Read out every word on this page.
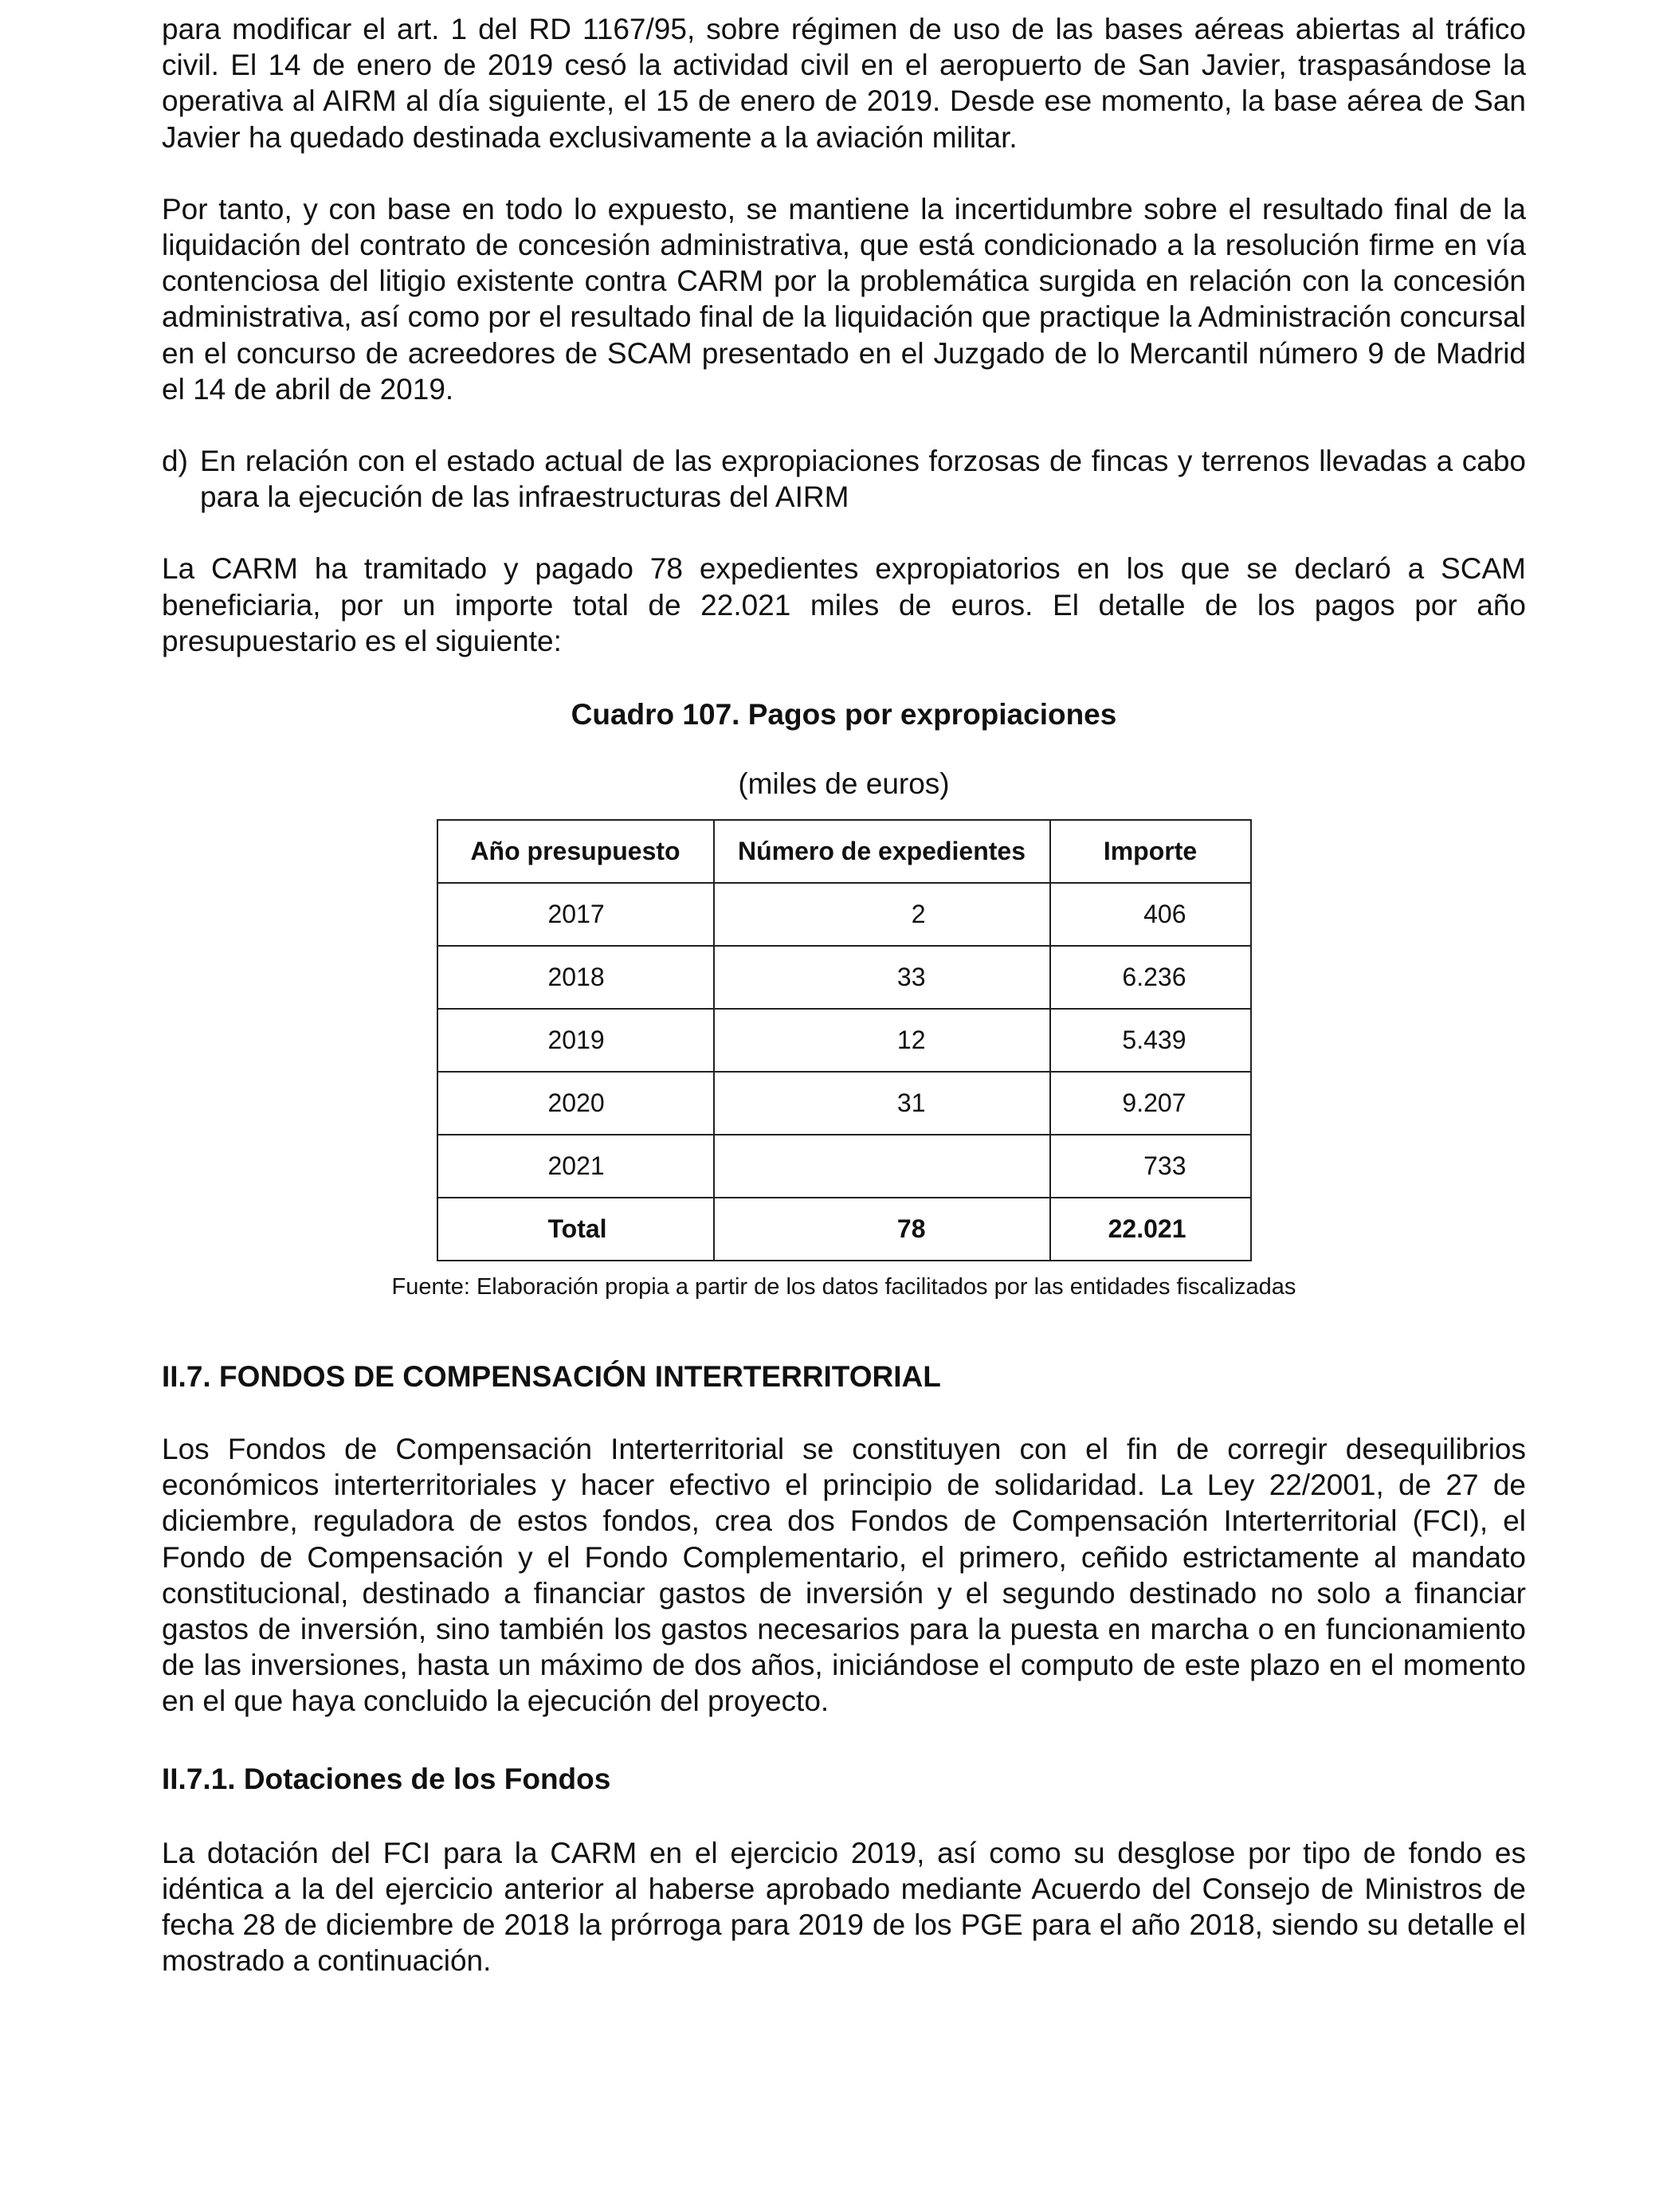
para modificar el art. 1 del RD 1167/95, sobre régimen de uso de las bases aéreas abiertas al tráfico civil. El 14 de enero de 2019 cesó la actividad civil en el aeropuerto de San Javier, traspasándose la operativa al AIRM al día siguiente, el 15 de enero de 2019. Desde ese momento, la base aérea de San Javier ha quedado destinada exclusivamente a la aviación militar.

Por tanto, y con base en todo lo expuesto, se mantiene la incertidumbre sobre el resultado final de la liquidación del contrato de concesión administrativa, que está condicionado a la resolución firme en vía contenciosa del litigio existente contra CARM por la problemática surgida en relación con la concesión administrativa, así como por el resultado final de la liquidación que practique la Administración concursal en el concurso de acreedores de SCAM presentado en el Juzgado de lo Mercantil número 9 de Madrid el 14 de abril de 2019.

d) En relación con el estado actual de las expropiaciones forzosas de fincas y terrenos llevadas a cabo para la ejecución de las infraestructuras del AIRM

La CARM ha tramitado y pagado 78 expedientes expropiatorios en los que se declaró a SCAM beneficiaria, por un importe total de 22.021 miles de euros. El detalle de los pagos por año presupuestario es el siguiente:

Cuadro 107. Pagos por expropiaciones
(miles de euros)
Año presupuesto	Número de expedientes	Importe
2017	2	406
2018	33	6.236
2019	12	5.439
2020	31	9.207
2021		733
Total	78	22.021
Fuente: Elaboración propia a partir de los datos facilitados por las entidades fiscalizadas
II.7. FONDOS DE COMPENSACIÓN INTERTERRITORIAL

Los Fondos de Compensación Interterritorial se constituyen con el fin de corregir desequilibrios económicos interterritoriales y hacer efectivo el principio de solidaridad. La Ley 22/2001, de 27 de diciembre, reguladora de estos fondos, crea dos Fondos de Compensación Interterritorial (FCI), el Fondo de Compensación y el Fondo Complementario, el primero, ceñido estrictamente al mandato constitucional, destinado a financiar gastos de inversión y el segundo destinado no solo a financiar gastos de inversión, sino también los gastos necesarios para la puesta en marcha o en funcionamiento de las inversiones, hasta un máximo de dos años, iniciándose el computo de este plazo en el momento en el que haya concluido la ejecución del proyecto.

II.7.1. Dotaciones de los Fondos

La dotación del FCI para la CARM en el ejercicio 2019, así como su desglose por tipo de fondo es idéntica a la del ejercicio anterior al haberse aprobado mediante Acuerdo del Consejo de Ministros de fecha 28 de diciembre de 2018 la prórroga para 2019 de los PGE para el año 2018, siendo su detalle el mostrado a continuación.
